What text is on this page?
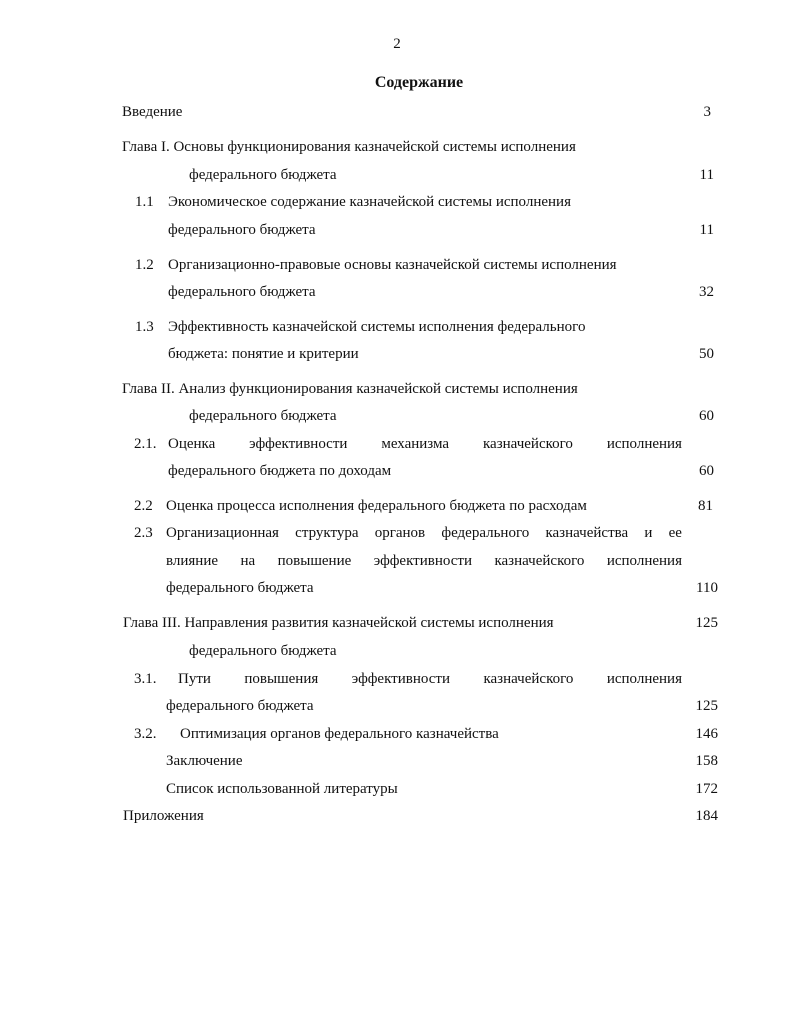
2
Содержание
Введение	3
Глава I. Основы функционирования казначейской системы исполнения
федерального бюджета	11
1.1 Экономическое содержание казначейской системы исполнения
федерального бюджета	11
1.2 Организационно-правовые основы казначейской системы исполнения
федерального бюджета	32
1.3 Эффективность казначейской системы исполнения федерального
бюджета: понятие и критерии	50
Глава II. Анализ функционирования казначейской системы исполнения
федерального бюджета	60
2.1. Оценка эффективности механизма казначейского исполнения
федерального бюджета по доходам	60
2.2 Оценка процесса исполнения федерального бюджета по расходам	81
2.3 Организационная структура органов федерального казначейства и ее
влияние на повышение эффективности казначейского исполнения
федерального бюджета	110
Глава III. Направления развития казначейской системы исполнения	125
федерального бюджета
3.1. Пути повышения эффективности казначейского исполнения
федерального бюджета	125
3.2. Оптимизация органов федерального казначейства	146
Заключение	158
Список использованной литературы	172
Приложения	184
